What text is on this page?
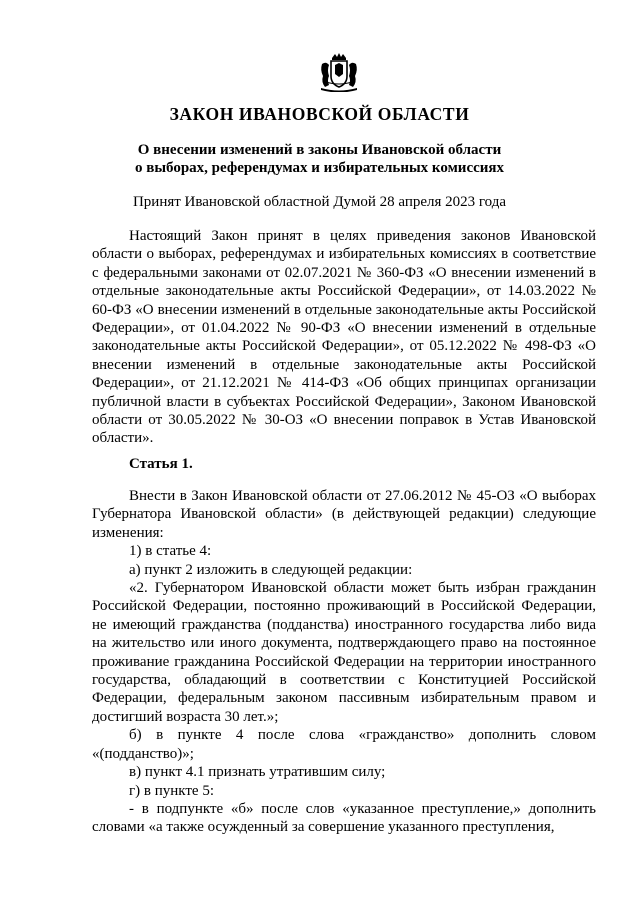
ЗАКОН ИВАНОВСКОЙ ОБЛАСТИ
О внесении изменений в законы Ивановской области
о выборах, референдумах и избирательных комиссиях

Принят Ивановской областной Думой 28 апреля 2023 года

Настоящий Закон принят в целях приведения законов Ивановской области о выборах, референдумах и избирательных комиссиях в соответствие с федеральными законами от 02.07.2021 № 360-ФЗ «О внесении изменений в отдельные законодательные акты Российской Федерации», от 14.03.2022 № 60-ФЗ «О внесении изменений в отдельные законодательные акты Российской Федерации», от 01.04.2022 № 90-ФЗ «О внесении изменений в отдельные законодательные акты Российской Федерации», от 05.12.2022 № 498-ФЗ «О внесении изменений в отдельные законодательные акты Российской Федерации», от 21.12.2021 № 414-ФЗ «Об общих принципах организации публичной власти в субъектах Российской Федерации», Законом Ивановской области от 30.05.2022 № 30-ОЗ «О внесении поправок в Устав Ивановской области».

Статья 1.

Внести в Закон Ивановской области от 27.06.2012 № 45-ОЗ «О выборах Губернатора Ивановской области» (в действующей редакции) следующие изменения:

1) в статье 4:

а) пункт 2 изложить в следующей редакции:

«2. Губернатором Ивановской области может быть избран гражданин Российской Федерации, постоянно проживающий в Российской Федерации, не имеющий гражданства (подданства) иностранного государства либо вида на жительство или иного документа, подтверждающего право на постоянное проживание гражданина Российской Федерации на территории иностранного государства, обладающий в соответствии с Конституцией Российской Федерации, федеральным законом пассивным избирательным правом и достигший возраста 30 лет.»;

б) в пункте 4 после слова «гражданство» дополнить словом «(подданство)»;

в) пункт 4.1 признать утратившим силу;

г) в пункте 5:

- в подпункте «б» после слов «указанное преступление,» дополнить словами «а также осужденный за совершение указанного преступления,
